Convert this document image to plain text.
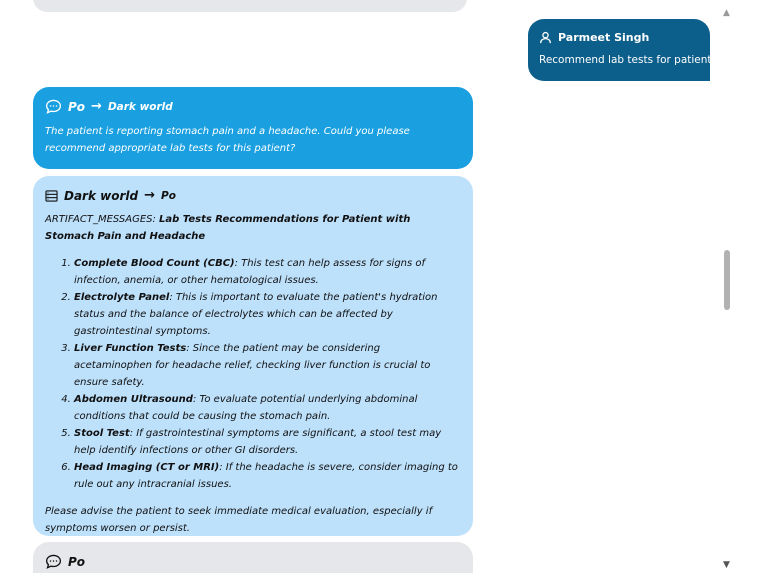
Parmeet Singh
Recommend lab tests for patient
Po → Dark world
The patient is reporting stomach pain and a headache. Could you please recommend appropriate lab tests for this patient?
Dark world → Po
ARTIFACT_MESSAGES: Lab Tests Recommendations for Patient with Stomach Pain and Headache
1. Complete Blood Count (CBC): This test can help assess for signs of infection, anemia, or other hematological issues.
2. Electrolyte Panel: This is important to evaluate the patient's hydration status and the balance of electrolytes which can be affected by gastrointestinal symptoms.
3. Liver Function Tests: Since the patient may be considering acetaminophen for headache relief, checking liver function is crucial to ensure safety.
4. Abdomen Ultrasound: To evaluate potential underlying abdominal conditions that could be causing the stomach pain.
5. Stool Test: If gastrointestinal symptoms are significant, a stool test may help identify infections or other GI disorders.
6. Head Imaging (CT or MRI): If the headache is severe, consider imaging to rule out any intracranial issues.
Please advise the patient to seek immediate medical evaluation, especially if symptoms worsen or persist.
Po
▲
▼
